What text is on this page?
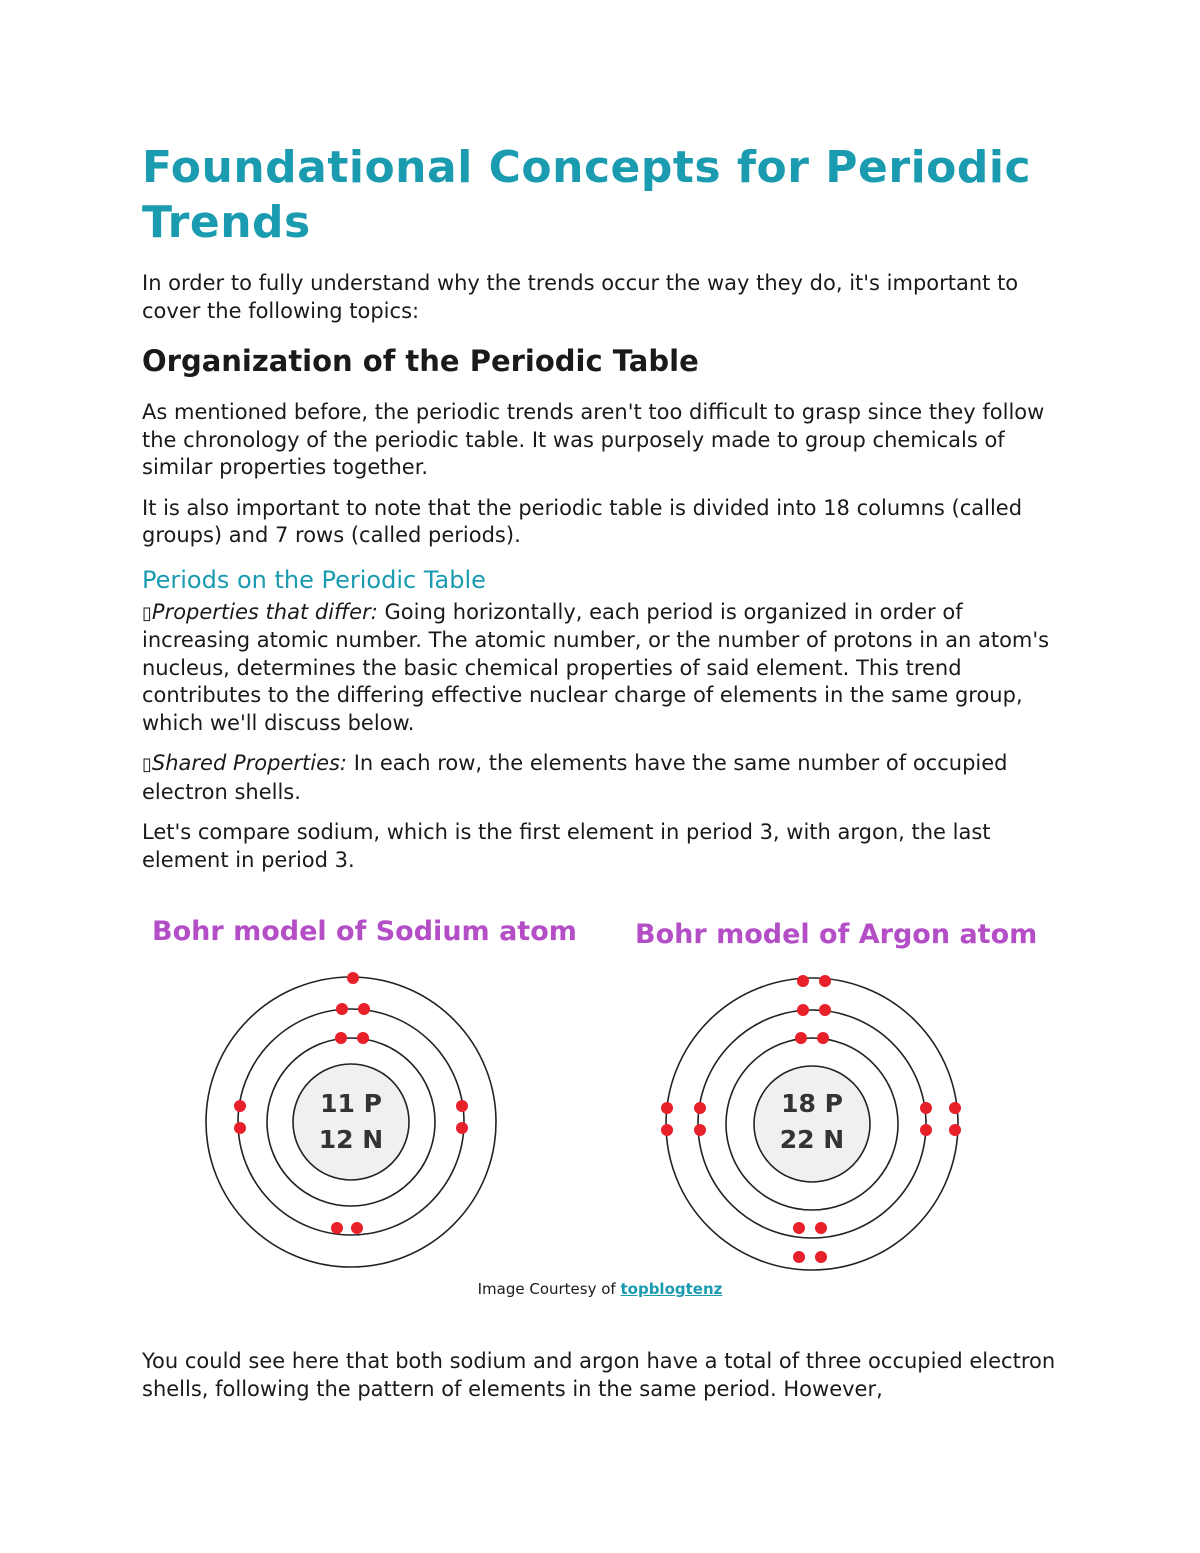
Foundational Concepts for Periodic Trends

In order to fully understand why the trends occur the way they do, it's important to cover the following topics:

Organization of the Periodic Table

As mentioned before, the periodic trends aren't too difficult to grasp since they follow the chronology of the periodic table. It was purposely made to group chemicals of similar properties together.

It is also important to note that the periodic table is divided into 18 columns (called groups) and 7 rows (called periods).

Periods on the Periodic Table

▯Properties that differ: Going horizontally, each period is organized in order of increasing atomic number. The atomic number, or the number of protons in an atom's nucleus, determines the basic chemical properties of said element. This trend contributes to the differing effective nuclear charge of elements in the same group, which we'll discuss below.

▯Shared Properties: In each row, the elements have the same number of occupied electron shells.

Let's compare sodium, which is the first element in period 3, with argon, the last element in period 3.

Bohr model of Sodium atom Bohr model of Argon atom
11 P
12 N
18 P
22 N
Image Courtesy of topblogtenz

You could see here that both sodium and argon have a total of three occupied electron shells, following the pattern of elements in the same period. However,
